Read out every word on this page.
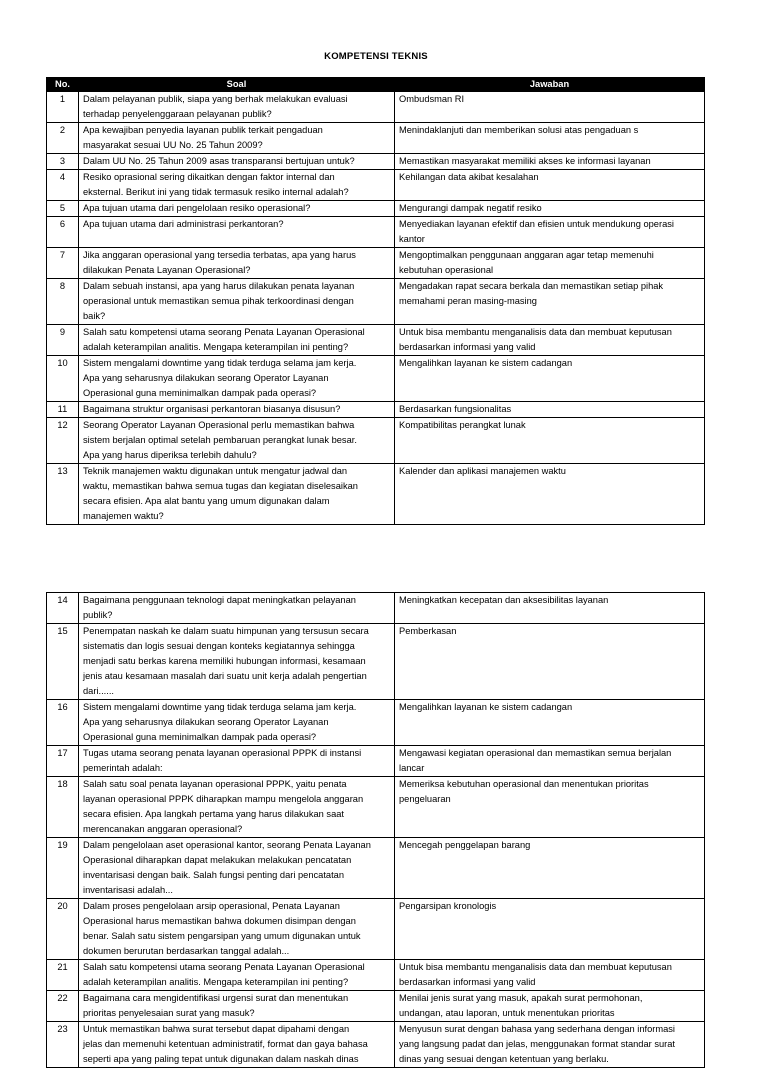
KOMPETENSI TEKNIS
No.	Soal	Jawaban

1	Dalam pelayanan publik, siapa yang berhak melakukan evaluasi
terhadap penyelenggaraan pelayanan publik?	Ombudsman RI

2	Apa kewajiban penyedia layanan publik terkait pengaduan
masyarakat sesuai UU No. 25 Tahun 2009?	Menindaklanjuti dan memberikan solusi atas pengaduan s

3	Dalam UU No. 25 Tahun 2009 asas transparansi bertujuan untuk?	Memastikan masyarakat memiliki akses ke informasi layanan

4	Resiko oprasional sering dikaitkan dengan faktor internal dan
eksternal. Berikut ini yang tidak termasuk resiko internal adalah?	Kehilangan data akibat kesalahan

5	Apa tujuan utama dari pengelolaan resiko operasional?	Mengurangi dampak negatif resiko

6	Apa tujuan utama dari administrasi perkantoran?	Menyediakan layanan efektif dan efisien untuk mendukung operasi
kantor

7	Jika anggaran operasional yang tersedia terbatas, apa yang harus
dilakukan Penata Layanan Operasional?	Mengoptimalkan penggunaan anggaran agar tetap memenuhi
kebutuhan operasional

8	Dalam sebuah instansi, apa yang harus dilakukan penata layanan
operasional untuk memastikan semua pihak terkoordinasi dengan
baik?	Mengadakan rapat secara berkala dan memastikan setiap pihak
memahami peran masing-masing

9	Salah satu kompetensi utama seorang Penata Layanan Operasional
adalah keterampilan analitis. Mengapa keterampilan ini penting?	Untuk bisa membantu menganalisis data dan membuat keputusan
berdasarkan informasi yang valid

10	Sistem mengalami downtime yang tidak terduga selama jam kerja.
Apa yang seharusnya dilakukan seorang Operator Layanan
Operasional guna meminimalkan dampak pada operasi?	Mengalihkan layanan ke sistem cadangan

11	Bagaimana struktur organisasi perkantoran biasanya disusun?	Berdasarkan fungsionalitas

12	Seorang Operator Layanan Operasional perlu memastikan bahwa
sistem berjalan optimal setelah pembaruan perangkat lunak besar.
Apa yang harus diperiksa terlebih dahulu?	Kompatibilitas perangkat lunak

13	Teknik manajemen waktu digunakan untuk mengatur jadwal dan
waktu, memastikan bahwa semua tugas dan kegiatan diselesaikan
secara efisien. Apa alat bantu yang umum digunakan dalam
manajemen waktu?	Kalender dan aplikasi manajemen waktu
14	Bagaimana penggunaan teknologi dapat meningkatkan pelayanan
publik?	Meningkatkan kecepatan dan aksesibilitas layanan

15	Penempatan naskah ke dalam suatu himpunan yang tersusun secara
sistematis dan logis sesuai dengan konteks kegiatannya sehingga
menjadi satu berkas karena memiliki hubungan informasi, kesamaan
jenis atau kesamaan masalah dari suatu unit kerja adalah pengertian
dari......	Pemberkasan

16	Sistem mengalami downtime yang tidak terduga selama jam kerja.
Apa yang seharusnya dilakukan seorang Operator Layanan
Operasional guna meminimalkan dampak pada operasi?	Mengalihkan layanan ke sistem cadangan

17	Tugas utama seorang penata layanan operasional PPPK di instansi
pemerintah adalah:	Mengawasi kegiatan operasional dan memastikan semua berjalan
lancar

18	Salah satu soal penata layanan operasional PPPK, yaitu penata
layanan operasional PPPK diharapkan mampu mengelola anggaran
secara efisien. Apa langkah pertama yang harus dilakukan saat
merencanakan anggaran operasional?	Memeriksa kebutuhan operasional dan menentukan prioritas
pengeluaran

19	Dalam pengelolaan aset operasional kantor, seorang Penata Layanan
Operasional diharapkan dapat melakukan melakukan pencatatan
inventarisasi dengan baik. Salah fungsi penting dari pencatatan
inventarisasi adalah...	Mencegah penggelapan barang

20	Dalam proses pengelolaan arsip operasional, Penata Layanan
Operasional harus memastikan bahwa dokumen disimpan dengan
benar. Salah satu sistem pengarsipan yang umum digunakan untuk
dokumen berurutan berdasarkan tanggal adalah...	Pengarsipan kronologis

21	Salah satu kompetensi utama seorang Penata Layanan Operasional
adalah keterampilan analitis. Mengapa keterampilan ini penting?	Untuk bisa membantu menganalisis data dan membuat keputusan
berdasarkan informasi yang valid

22	Bagaimana cara mengidentifikasi urgensi surat dan menentukan
prioritas penyelesaian surat yang masuk?	Menilai jenis surat yang masuk, apakah surat permohonan,
undangan, atau laporan, untuk menentukan prioritas

23	Untuk memastikan bahwa surat tersebut dapat dipahami dengan
jelas dan memenuhi ketentuan administratif, format dan gaya bahasa
seperti apa yang paling tepat untuk digunakan dalam naskah dinas	Menyusun surat dengan bahasa yang sederhana dengan informasi
yang langsung padat dan jelas, menggunakan format standar surat
dinas yang sesuai dengan ketentuan yang berlaku.
